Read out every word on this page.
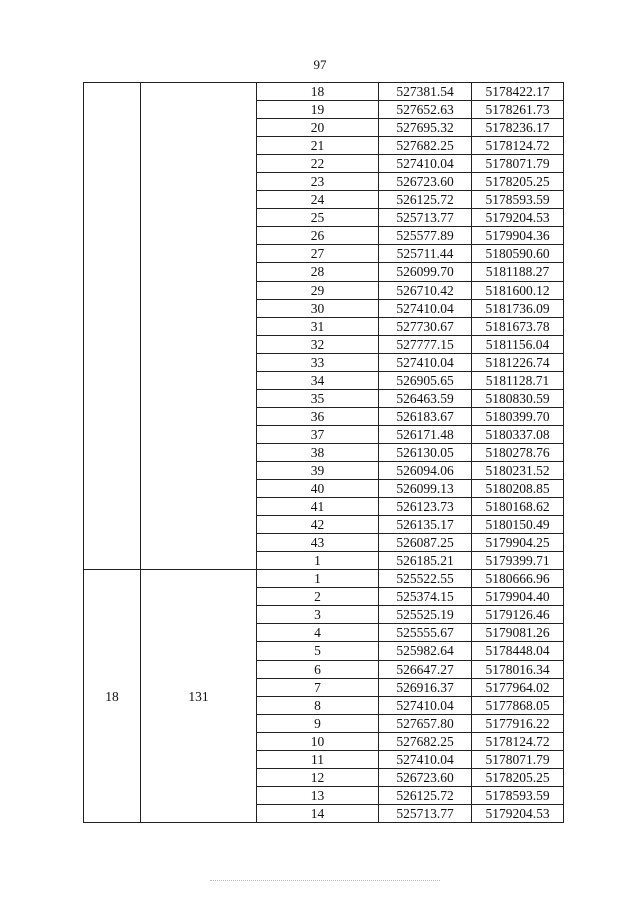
97
		18	527381.54	5178422.17
		19	527652.63	5178261.73
		20	527695.32	5178236.17
		21	527682.25	5178124.72
		22	527410.04	5178071.79
		23	526723.60	5178205.25
		24	526125.72	5178593.59
		25	525713.77	5179204.53
		26	525577.89	5179904.36
		27	525711.44	5180590.60
		28	526099.70	5181188.27
		29	526710.42	5181600.12
		30	527410.04	5181736.09
		31	527730.67	5181673.78
		32	527777.15	5181156.04
		33	527410.04	5181226.74
		34	526905.65	5181128.71
		35	526463.59	5180830.59
		36	526183.67	5180399.70
		37	526171.48	5180337.08
		38	526130.05	5180278.76
		39	526094.06	5180231.52
		40	526099.13	5180208.85
		41	526123.73	5180168.62
		42	526135.17	5180150.49
		43	526087.25	5179904.25
		1	526185.21	5179399.71
18	131	1	525522.55	5180666.96
		2	525374.15	5179904.40
		3	525525.19	5179126.46
		4	525555.67	5179081.26
		5	525982.64	5178448.04
		6	526647.27	5178016.34
		7	526916.37	5177964.02
		8	527410.04	5177868.05
		9	527657.80	5177916.22
		10	527682.25	5178124.72
		11	527410.04	5178071.79
		12	526723.60	5178205.25
		13	526125.72	5178593.59
		14	525713.77	5179204.53
